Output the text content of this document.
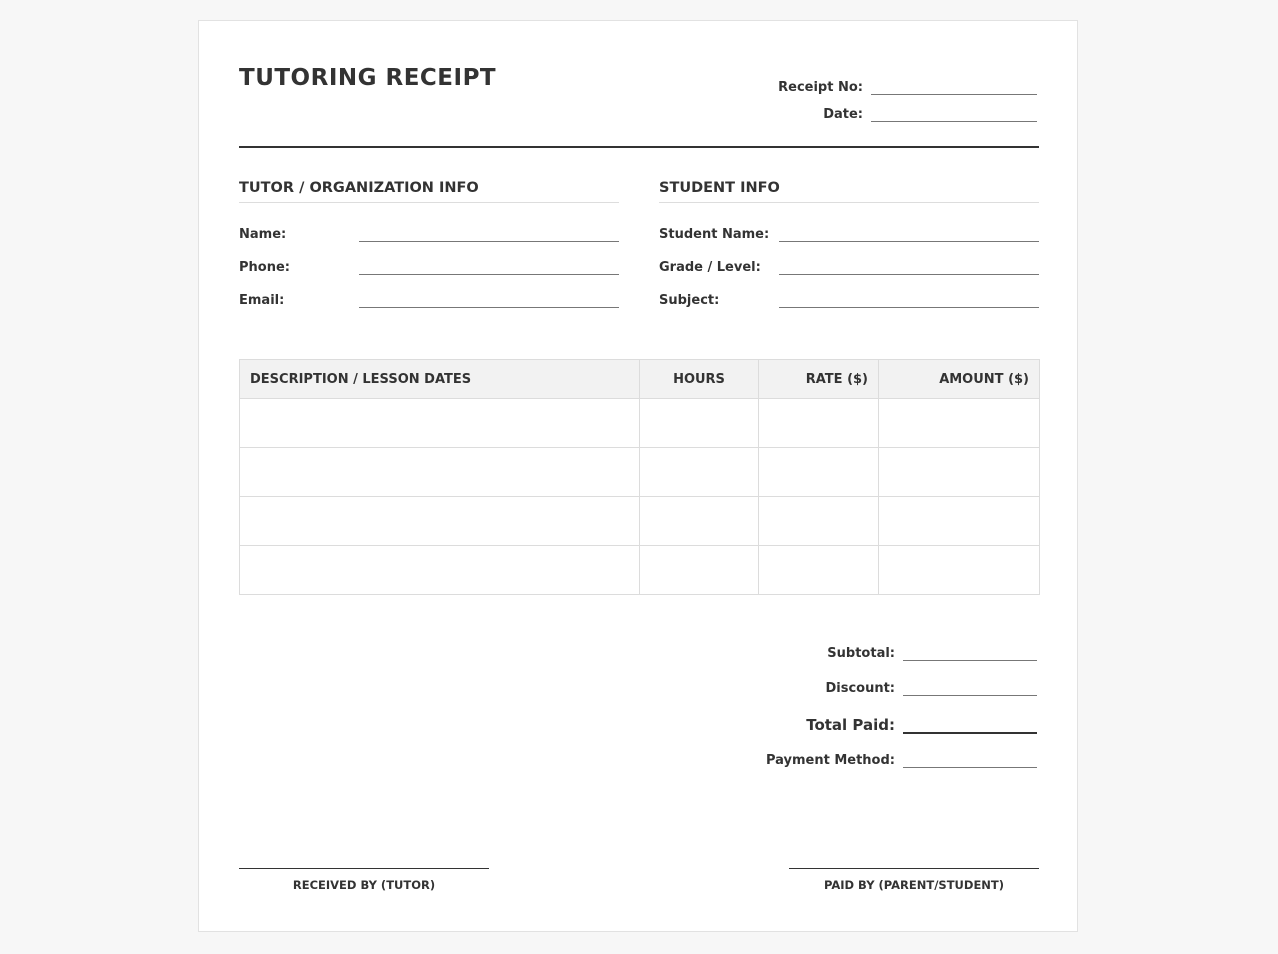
TUTORING RECEIPT	Receipt No:
Date:
TUTOR / ORGANIZATION INFO
Name:
Phone:
Email:
STUDENT INFO
Student Name:
Grade / Level:
Subject:
DESCRIPTION / LESSON DATES	HOURS	RATE ($)	AMOUNT ($)

Subtotal:
Discount:
Total Paid:
Payment Method:
RECEIVED BY (TUTOR)	PAID BY (PARENT/STUDENT)
